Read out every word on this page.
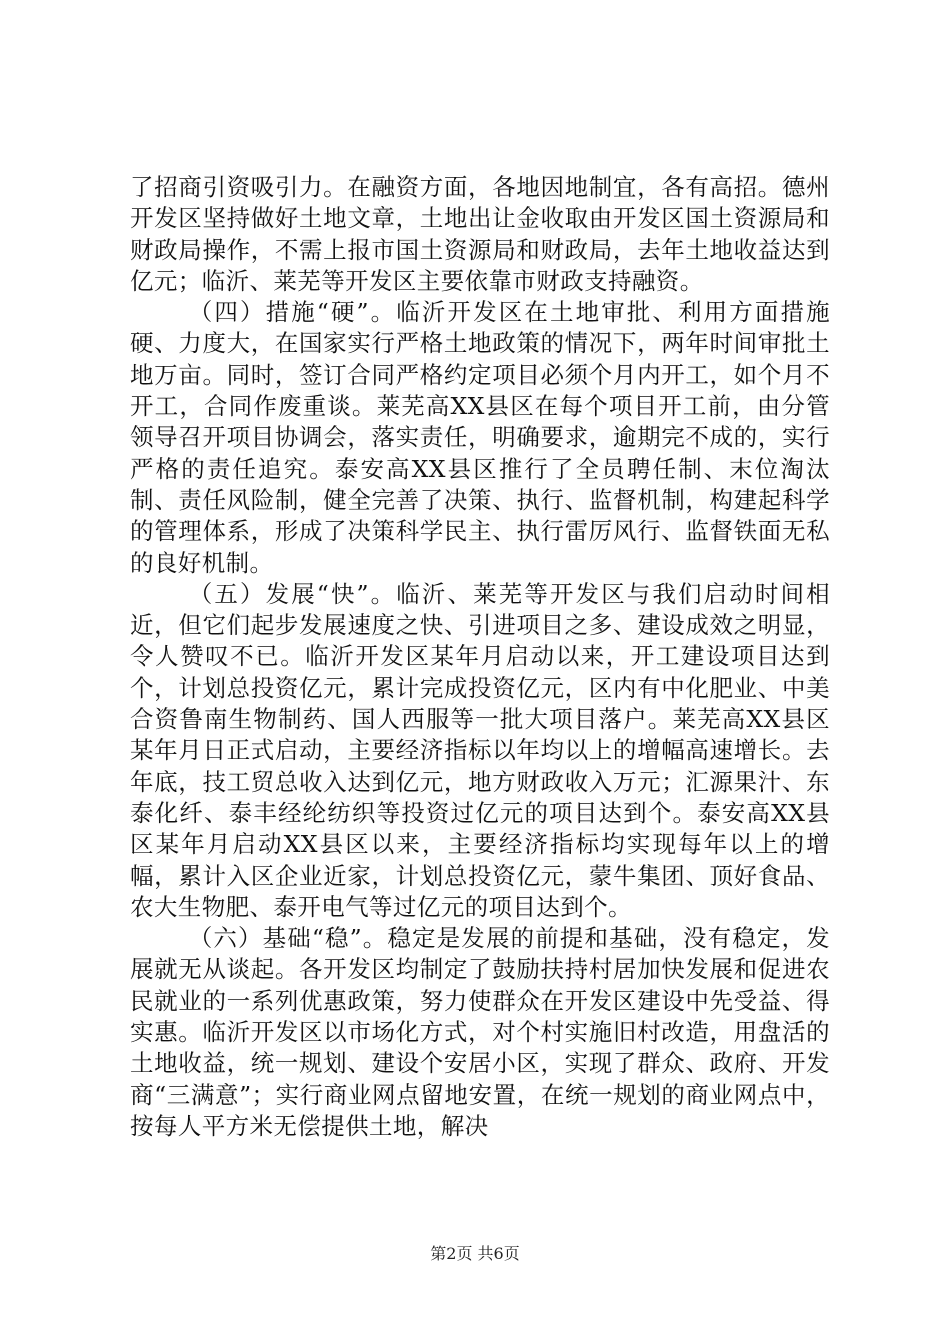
了招商引资吸引力。在融资方面，各地因地制宜，各有高招。德州开发区坚持做好土地文章，土地出让金收取由开发区国土资源局和财政局操作，不需上报市国土资源局和财政局，去年土地收益达到亿元；临沂、莱芜等开发区主要依靠市财政支持融资。

（四）措施“硬”。临沂开发区在土地审批、利用方面措施硬、力度大，在国家实行严格土地政策的情况下，两年时间审批土地万亩。同时，签订合同严格约定项目必须个月内开工，如个月不开工，合同作废重谈。莱芜高XX县区在每个项目开工前，由分管领导召开项目协调会，落实责任，明确要求，逾期完不成的，实行严格的责任追究。泰安高XX县区推行了全员聘任制、末位淘汰制、责任风险制，健全完善了决策、执行、监督机制，构建起科学的管理体系，形成了决策科学民主、执行雷厉风行、监督铁面无私的良好机制。

（五）发展“快”。临沂、莱芜等开发区与我们启动时间相近，但它们起步发展速度之快、引进项目之多、建设成效之明显，令人赞叹不已。临沂开发区某年月启动以来，开工建设项目达到个，计划总投资亿元，累计完成投资亿元，区内有中化肥业、中美合资鲁南生物制药、国人西服等一批大项目落户。莱芜高XX县区某年月日正式启动，主要经济指标以年均以上的增幅高速增长。去年底，技工贸总收入达到亿元，地方财政收入万元；汇源果汁、东泰化纤、泰丰经纶纺织等投资过亿元的项目达到个。泰安高XX县区某年月启动XX县区以来，主要经济指标均实现每年以上的增幅，累计入区企业近家，计划总投资亿元，蒙牛集团、顶好食品、农大生物肥、泰开电气等过亿元的项目达到个。

（六）基础“稳”。稳定是发展的前提和基础，没有稳定，发展就无从谈起。各开发区均制定了鼓励扶持村居加快发展和促进农民就业的一系列优惠政策，努力使群众在开发区建设中先受益、得实惠。临沂开发区以市场化方式，对个村实施旧村改造，用盘活的土地收益，统一规划、建设个安居小区，实现了群众、政府、开发商“三满意”；实行商业网点留地安置，在统一规划的商业网点中，按每人平方米无偿提供土地，解决

第2页 共6页
